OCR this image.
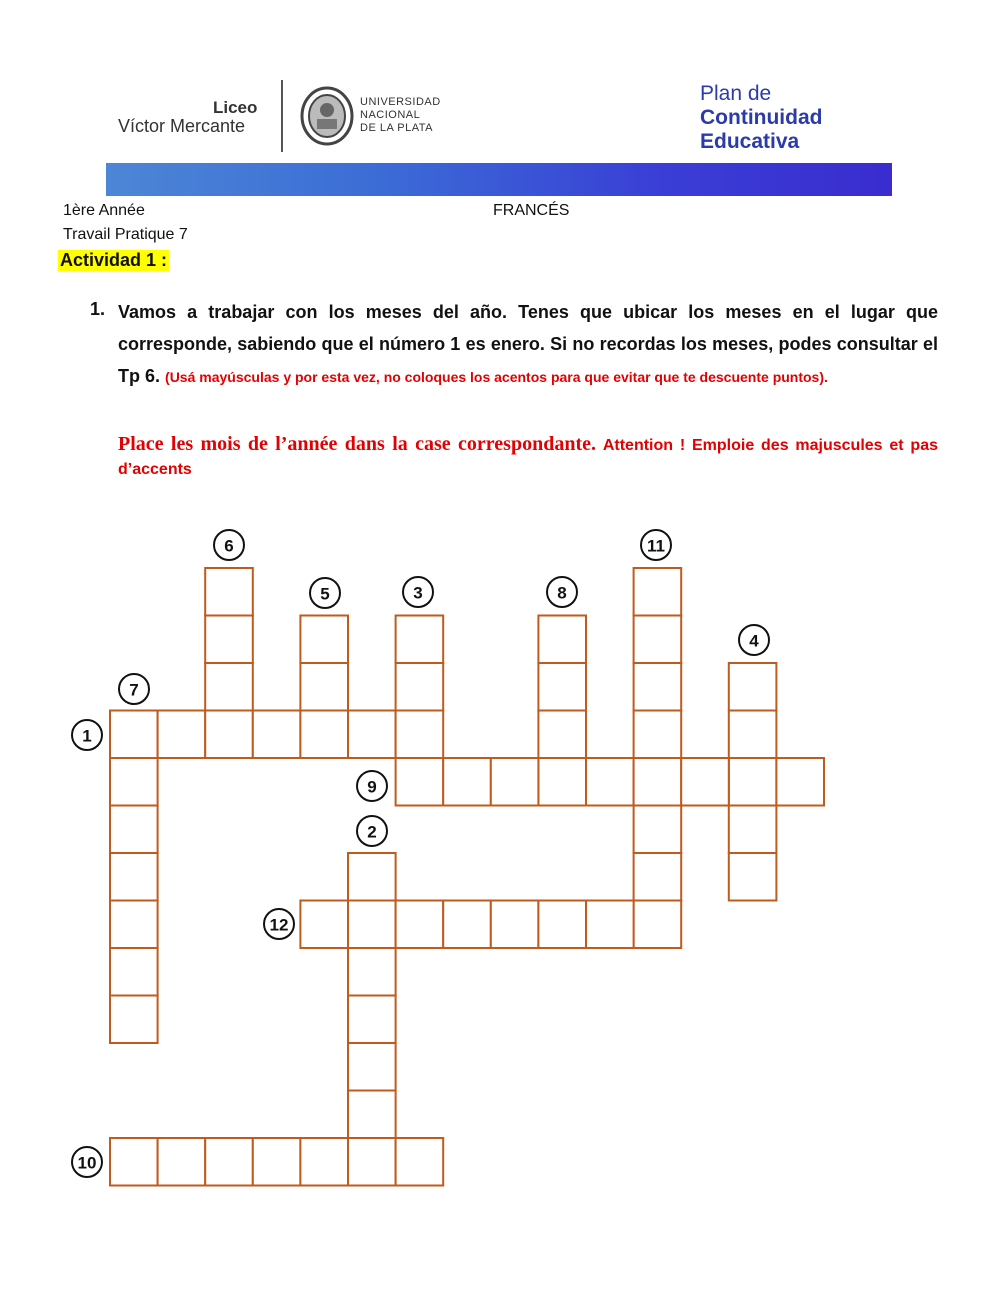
Liceo
Víctor Mercante
UNIVERSIDAD
NACIONAL
DE LA PLATA
Plan de
Continuidad
Educativa
1ère Année	FRANCÉS
Travail Pratique 7
Actividad 1 :
1. Vamos a trabajar con los meses del año. Tenes que ubicar los meses en el lugar que corresponde, sabiendo que el número 1 es enero. Si no recordas los meses, podes consultar el Tp 6. (Usá mayúsculas y por esta vez, no coloques los acentos para que evitar que te descuente puntos).
Place les mois de l’année dans la case correspondante. Attention ! Emploie des majuscules et pas d’accents
1
2
3
4
5
6
7
8
9
10
11
12
